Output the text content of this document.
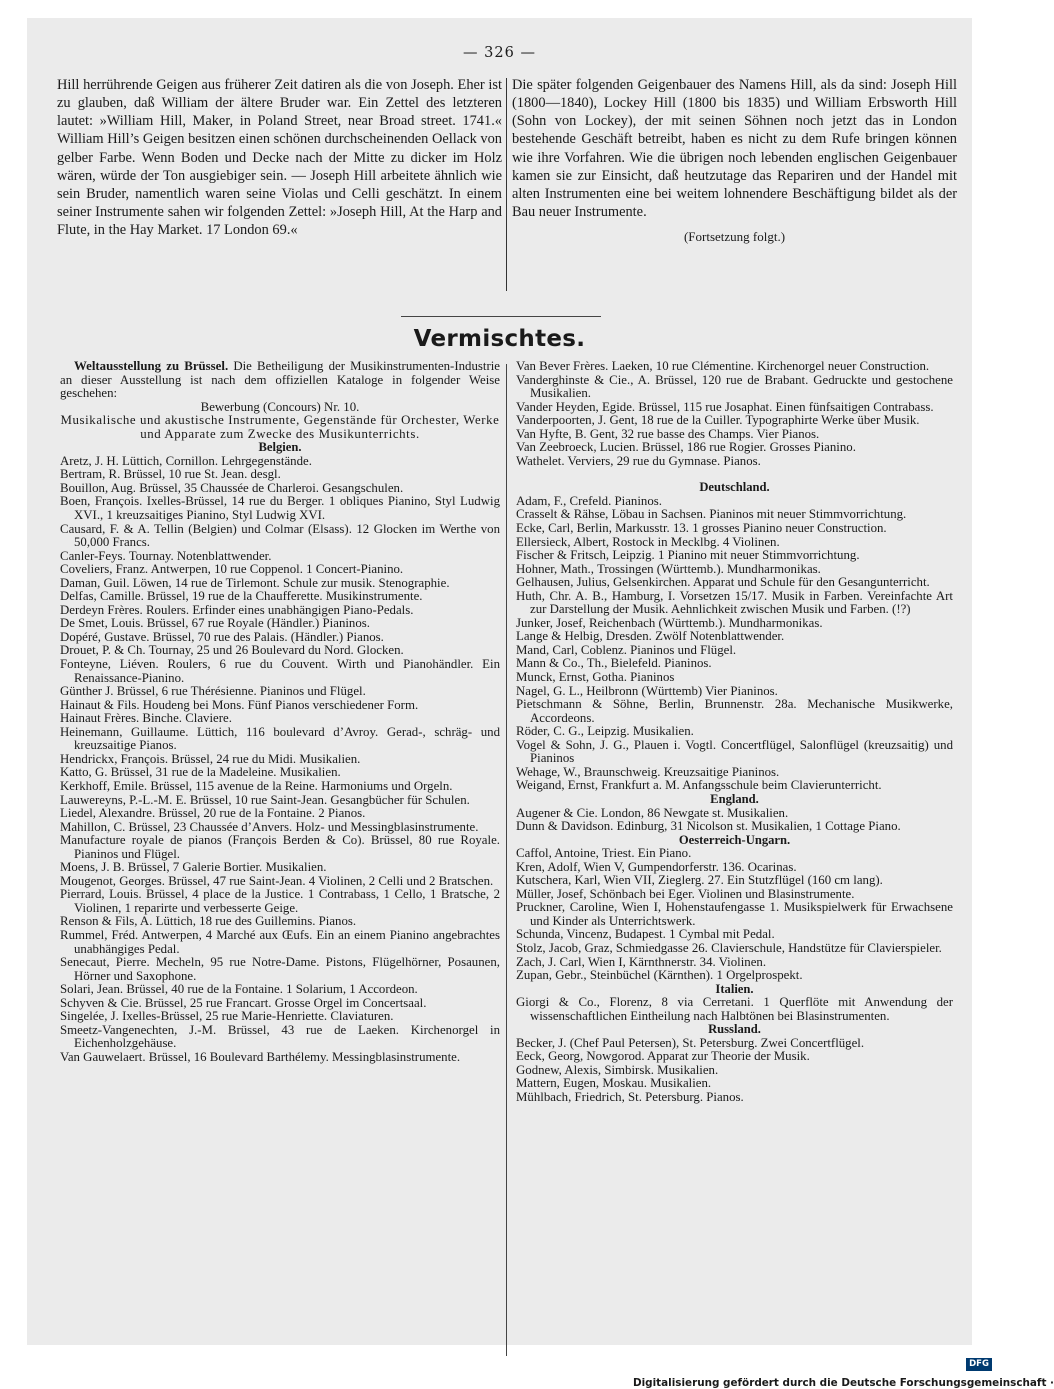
— 326 —

Hill herrührende Geigen aus früherer Zeit datiren als die von Joseph. Eher ist zu glauben, daß William der ältere Bruder war. Ein Zettel des letzteren lautet: »William Hill, Maker, in Poland Street, near Broad street. 1741.« William Hill’s Geigen besitzen einen schönen durchscheinenden Oellack von gelber Farbe. Wenn Boden und Decke nach der Mitte zu dicker im Holz wären, würde der Ton ausgiebiger sein. — Joseph Hill arbeitete ähnlich wie sein Bruder, namentlich waren seine Violas und Celli geschätzt. In einem seiner Instrumente sahen wir folgenden Zettel: »Joseph Hill, At the Harp and Flute, in the Hay Market. 17 London 69.«

Die später folgenden Geigenbauer des Namens Hill, als da sind: Joseph Hill (1800—1840), Lockey Hill (1800 bis 1835) und William Erbsworth Hill (Sohn von Lockey), der mit seinen Söhnen noch jetzt das in London bestehende Geschäft betreibt, haben es nicht zu dem Rufe bringen können wie ihre Vorfahren. Wie die übrigen noch lebenden englischen Geigenbauer kamen sie zur Einsicht, daß heutzutage das Repariren und der Handel mit alten Instrumenten eine bei weitem lohnendere Beschäftigung bildet als der Bau neuer Instrumente.

(Fortsetzung folgt.)

Vermischtes.

Weltausstellung zu Brüssel. Die Betheiligung der Musikinstrumenten-Industrie an dieser Ausstellung ist nach dem offiziellen Kataloge in folgender Weise geschehen:

Bewerbung (Concours) Nr. 10.

Musikalische und akustische Instrumente, Gegenstände für Orchester, Werke und Apparate zum Zwecke des Musikunterrichts.

Belgien.

Aretz, J. H. Lüttich, Cornillon. Lehrgegenstände.

Bertram, R. Brüssel, 10 rue St. Jean. desgl.

Bouillon, Aug. Brüssel, 35 Chaussée de Charleroi. Gesangschulen.

Boen, François. Ixelles-Brüssel, 14 rue du Berger. 1 obliques Pianino, Styl Ludwig XVI., 1 kreuzsaitiges Pianino, Styl Ludwig XVI.

Causard, F. & A. Tellin (Belgien) und Colmar (Elsass). 12 Glocken im Werthe von 50,000 Francs.

Canler-Feys. Tournay. Notenblattwender.

Coveliers, Franz. Antwerpen, 10 rue Coppenol. 1 Concert-Pianino.

Daman, Guil. Löwen, 14 rue de Tirlemont. Schule zur musik. Stenographie.

Delfas, Camille. Brüssel, 19 rue de la Chaufferette. Musikinstrumente.

Derdeyn Frères. Roulers. Erfinder eines unabhängigen Piano-Pedals.

De Smet, Louis. Brüssel, 67 rue Royale (Händler.) Pianinos.

Dopéré, Gustave. Brüssel, 70 rue des Palais. (Händler.) Pianos.

Drouet, P. & Ch. Tournay, 25 und 26 Boulevard du Nord. Glocken.

Fonteyne, Liéven. Roulers, 6 rue du Couvent. Wirth und Pianohändler. Ein Renaissance-Pianino.

Günther J. Brüssel, 6 rue Thérésienne. Pianinos und Flügel.

Hainaut & Fils. Houdeng bei Mons. Fünf Pianos verschiedener Form.

Hainaut Frères. Binche. Claviere.

Heinemann, Guillaume. Lüttich, 116 boulevard d’Avroy. Gerad-, schräg- und kreuzsaitige Pianos.

Hendrickx, François. Brüssel, 24 rue du Midi. Musikalien.

Katto, G. Brüssel, 31 rue de la Madeleine. Musikalien.

Kerkhoff, Emile. Brüssel, 115 avenue de la Reine. Harmoniums und Orgeln.

Lauwereyns, P.-L.-M. E. Brüssel, 10 rue Saint-Jean. Gesangbücher für Schulen.

Liedel, Alexandre. Brüssel, 20 rue de la Fontaine. 2 Pianos.

Mahillon, C. Brüssel, 23 Chaussée d’Anvers. Holz- und Messingblasinstrumente.

Manufacture royale de pianos (François Berden & Co). Brüssel, 80 rue Royale. Pianinos und Flügel.

Moens, J. B. Brüssel, 7 Galerie Bortier. Musikalien.

Mougenot, Georges. Brüssel, 47 rue Saint-Jean. 4 Violinen, 2 Celli und 2 Bratschen.

Pierrard, Louis. Brüssel, 4 place de la Justice. 1 Contrabass, 1 Cello, 1 Bratsche, 2 Violinen, 1 reparirte und verbesserte Geige.

Renson & Fils, A. Lüttich, 18 rue des Guillemins. Pianos.

Rummel, Fréd. Antwerpen, 4 Marché aux Œufs. Ein an einem Pianino angebrachtes unabhängiges Pedal.

Senecaut, Pierre. Mecheln, 95 rue Notre-Dame. Pistons, Flügelhörner, Posaunen, Hörner und Saxophone.

Solari, Jean. Brüssel, 40 rue de la Fontaine. 1 Solarium, 1 Accordeon.

Schyven & Cie. Brüssel, 25 rue Francart. Grosse Orgel im Concertsaal.

Singelée, J. Ixelles-Brüssel, 25 rue Marie-Henriette. Claviaturen.

Smeetz-Vangenechten, J.-M. Brüssel, 43 rue de Laeken. Kirchenorgel in Eichenholzgehäuse.

Van Gauwelaert. Brüssel, 16 Boulevard Barthélemy. Messingblasinstrumente.

Van Bever Frères. Laeken, 10 rue Clémentine. Kirchenorgel neuer Construction.

Vanderghinste & Cie., A. Brüssel, 120 rue de Brabant. Gedruckte und gestochene Musikalien.

Vander Heyden, Egide. Brüssel, 115 rue Josaphat. Einen fünfsaitigen Contrabass.

Vanderpoorten, J. Gent, 18 rue de la Cuiller. Typographirte Werke über Musik.

Van Hyfte, B. Gent, 32 rue basse des Champs. Vier Pianos.

Van Zeebroeck, Lucien. Brüssel, 186 rue Rogier. Grosses Pianino.

Wathelet. Verviers, 29 rue du Gymnase. Pianos.

Deutschland.

Adam, F., Crefeld. Pianinos.

Crasselt & Rähse, Löbau in Sachsen. Pianinos mit neuer Stimmvorrichtung.

Ecke, Carl, Berlin, Markusstr. 13. 1 grosses Pianino neuer Construction.

Ellersieck, Albert, Rostock in Mecklbg. 4 Violinen.

Fischer & Fritsch, Leipzig. 1 Pianino mit neuer Stimmvorrichtung.

Hohner, Math., Trossingen (Württemb.). Mundharmonikas.

Gelhausen, Julius, Gelsenkirchen. Apparat und Schule für den Gesangunterricht.

Huth, Chr. A. B., Hamburg, I. Vorsetzen 15/17. Musik in Farben. Vereinfachte Art zur Darstellung der Musik. Aehnlichkeit zwischen Musik und Farben. (!?)

Junker, Josef, Reichenbach (Württemb.). Mundharmonikas.

Lange & Helbig, Dresden. Zwölf Notenblattwender.

Mand, Carl, Coblenz. Pianinos und Flügel.

Mann & Co., Th., Bielefeld. Pianinos.

Munck, Ernst, Gotha. Pianinos

Nagel, G. L., Heilbronn (Württemb) Vier Pianinos.

Pietschmann & Söhne, Berlin, Brunnenstr. 28a. Mechanische Musikwerke, Accordeons.

Röder, C. G., Leipzig. Musikalien.

Vogel & Sohn, J. G., Plauen i. Vogtl. Concertflügel, Salonflügel (kreuzsaitig) und Pianinos

Wehage, W., Braunschweig. Kreuzsaitige Pianinos.

Weigand, Ernst, Frankfurt a. M. Anfangsschule beim Clavierunterricht.

England.

Augener & Cie. London, 86 Newgate st. Musikalien.

Dunn & Davidson. Edinburg, 31 Nicolson st. Musikalien, 1 Cottage Piano.

Oesterreich-Ungarn.

Caffol, Antoine, Triest. Ein Piano.

Kren, Adolf, Wien V, Gumpendorferstr. 136. Ocarinas.

Kutschera, Karl, Wien VII, Zieglerg. 27. Ein Stutzflügel (160 cm lang).

Müller, Josef, Schönbach bei Eger. Violinen und Blasinstrumente.

Pruckner, Caroline, Wien I, Hohenstaufengasse 1. Musikspielwerk für Erwachsene und Kinder als Unterrichtswerk.

Schunda, Vincenz, Budapest. 1 Cymbal mit Pedal.

Stolz, Jacob, Graz, Schmiedgasse 26. Clavierschule, Handstütze für Clavierspieler.

Zach, J. Carl, Wien I, Kärnthnerstr. 34. Violinen.

Zupan, Gebr., Steinbüchel (Kärnthen). 1 Orgelprospekt.

Italien.

Giorgi & Co., Florenz, 8 via Cerretani. 1 Querflöte mit Anwendung der wissenschaftlichen Eintheilung nach Halbtönen bei Blasinstrumenten.

Russland.

Becker, J. (Chef Paul Petersen), St. Petersburg. Zwei Concertflügel.

Eeck, Georg, Nowgorod. Apparat zur Theorie der Musik.

Godnew, Alexis, Simbirsk. Musikalien.

Mattern, Eugen, Moskau. Musikalien.

Mühlbach, Friedrich, St. Petersburg. Pianos.

Digitalisierung gefördert durch die Deutsche Forschungsgemeinschaft ·
DFG
